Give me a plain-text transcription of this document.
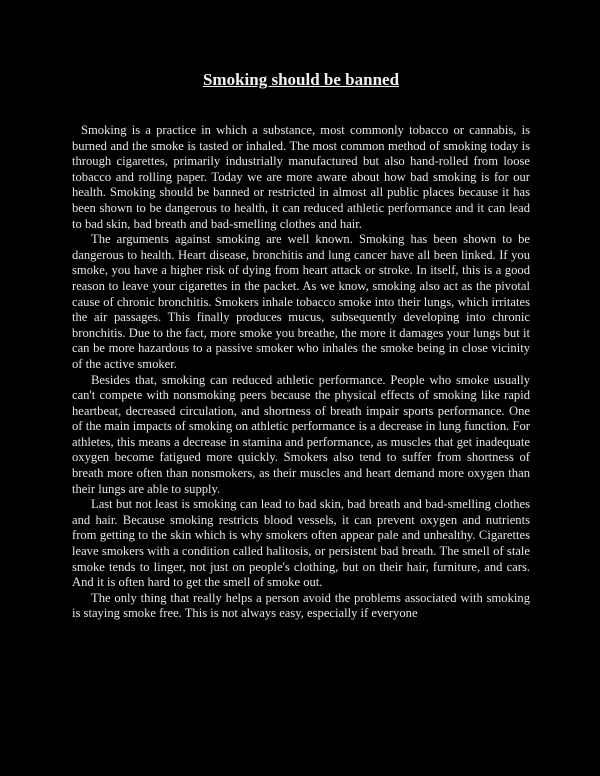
Smoking should be banned

Smoking is a practice in which a substance, most commonly tobacco or cannabis, is burned and the smoke is tasted or inhaled. The most common method of smoking today is through cigarettes, primarily industrially manufactured but also hand-rolled from loose tobacco and rolling paper. Today we are more aware about how bad smoking is for our health. Smoking should be banned or restricted in almost all public places because it has been shown to be dangerous to health, it can reduced athletic performance and it can lead to bad skin, bad breath and bad-smelling clothes and hair.

The arguments against smoking are well known. Smoking has been shown to be dangerous to health. Heart disease, bronchitis and lung cancer have all been linked. If you smoke, you have a higher risk of dying from heart attack or stroke. In itself, this is a good reason to leave your cigarettes in the packet. As we know, smoking also act as the pivotal cause of chronic bronchitis. Smokers inhale tobacco smoke into their lungs, which irritates the air passages. This finally produces mucus, subsequently developing into chronic bronchitis. Due to the fact, more smoke you breathe, the more it damages your lungs but it can be more hazardous to a passive smoker who inhales the smoke being in close vicinity of the active smoker.

Besides that, smoking can reduced athletic performance. People who smoke usually can't compete with nonsmoking peers because the physical effects of smoking like rapid heartbeat, decreased circulation, and shortness of breath impair sports performance. One of the main impacts of smoking on athletic performance is a decrease in lung function. For athletes, this means a decrease in stamina and performance, as muscles that get inadequate oxygen become fatigued more quickly. Smokers also tend to suffer from shortness of breath more often than nonsmokers, as their muscles and heart demand more oxygen than their lungs are able to supply.

Last but not least is smoking can lead to bad skin, bad breath and bad-smelling clothes and hair. Because smoking restricts blood vessels, it can prevent oxygen and nutrients from getting to the skin which is why smokers often appear pale and unhealthy. Cigarettes leave smokers with a condition called halitosis, or persistent bad breath. The smell of stale smoke tends to linger, not just on people's clothing, but on their hair, furniture, and cars. And it is often hard to get the smell of smoke out.

The only thing that really helps a person avoid the problems associated with smoking is staying smoke free. This is not always easy, especially if everyone
